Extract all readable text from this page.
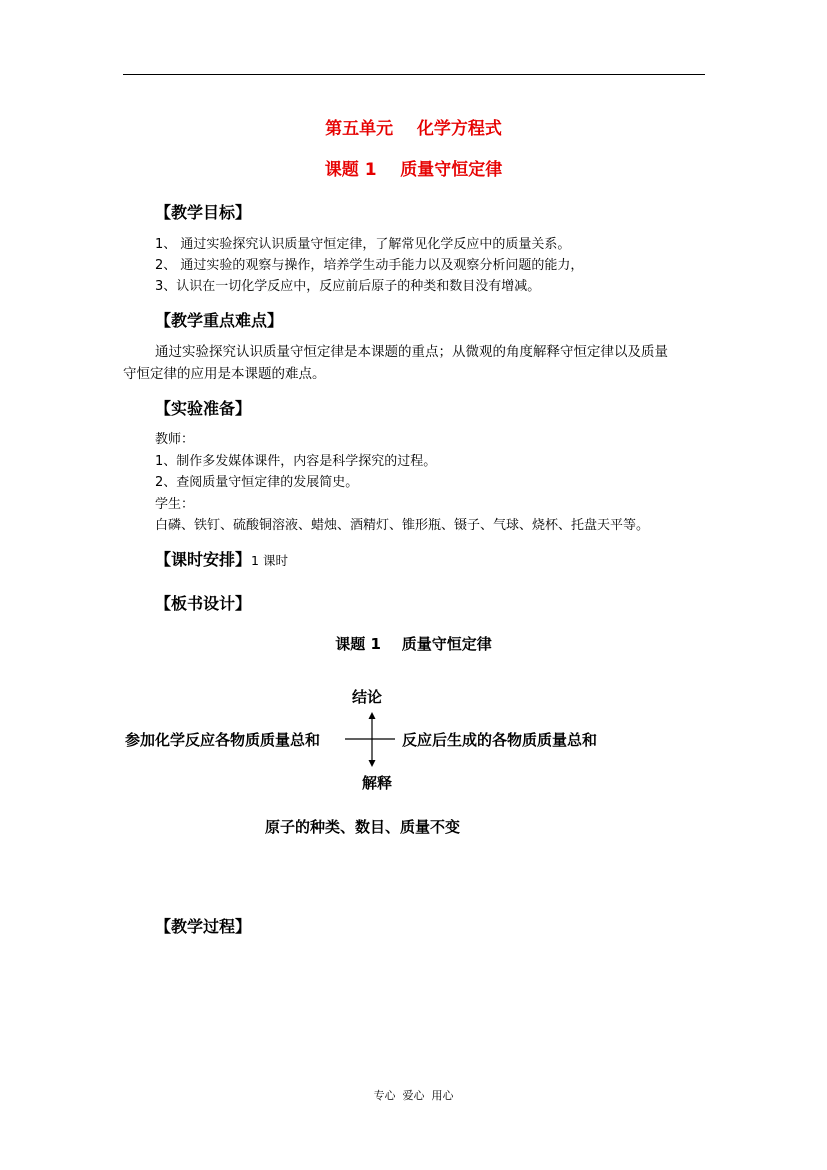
第五单元    化学方程式
课题 1    质量守恒定律
【教学目标】
1、 通过实验探究认识质量守恒定律，了解常见化学反应中的质量关系。
2、 通过实验的观察与操作，培养学生动手能力以及观察分析问题的能力，
3、认识在一切化学反应中，反应前后原子的种类和数目没有增减。
【教学重点难点】
通过实验探究认识质量守恒定律是本课题的重点；从微观的角度解释守恒定律以及质量
守恒定律的应用是本课题的难点。
【实验准备】
教师：
1、制作多发媒体课件，内容是科学探究的过程。
2、查阅质量守恒定律的发展简史。
学生：
白磷、铁钉、硫酸铜溶液、蜡烛、酒精灯、锥形瓶、镊子、气球、烧杯、托盘天平等。
【课时安排】1 课时
【板书设计】
课题 1    质量守恒定律
结论
参加化学反应各物质质量总和	反应后生成的各物质质量总和
解释
原子的种类、数目、质量不变
【教学过程】
专心  爱心  用心
